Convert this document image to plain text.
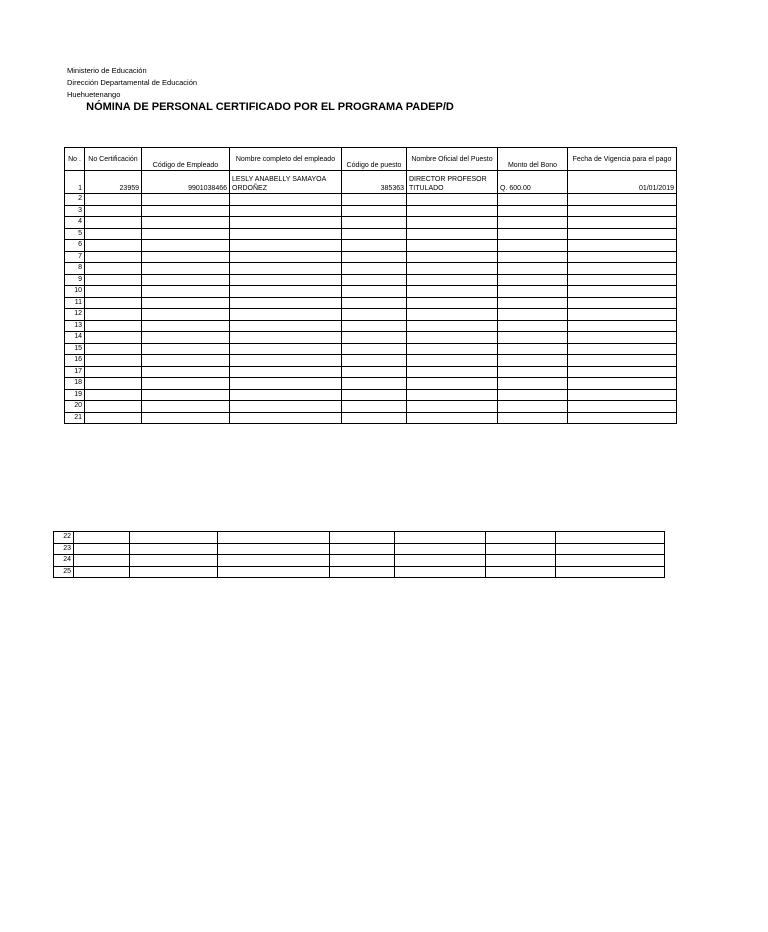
Ministerio de Educación
Dirección Departamental de Educación
Huehuetenango
NÓMINA DE PERSONAL CERTIFICADO POR EL PROGRAMA PADEP/D
No .	No Certificación	Código de Empleado	Nombre completo del empleado	Código de puesto	Nombre Oficial del Puesto	Monto del Bono	Fecha de Vigencia para el pago
1	23959	9901038466	LESLY ANABELLY SAMAYOA ORDOÑEZ	385363	DIRECTOR PROFESOR TITULADO	Q. 600.00	01/01/2019
2							
3							
4							
5							
6							
7							
8							
9							
10							
11							
12							
13							
14							
15							
16							
17							
18							
19							
20							
21							
22							
23							
24							
25							
